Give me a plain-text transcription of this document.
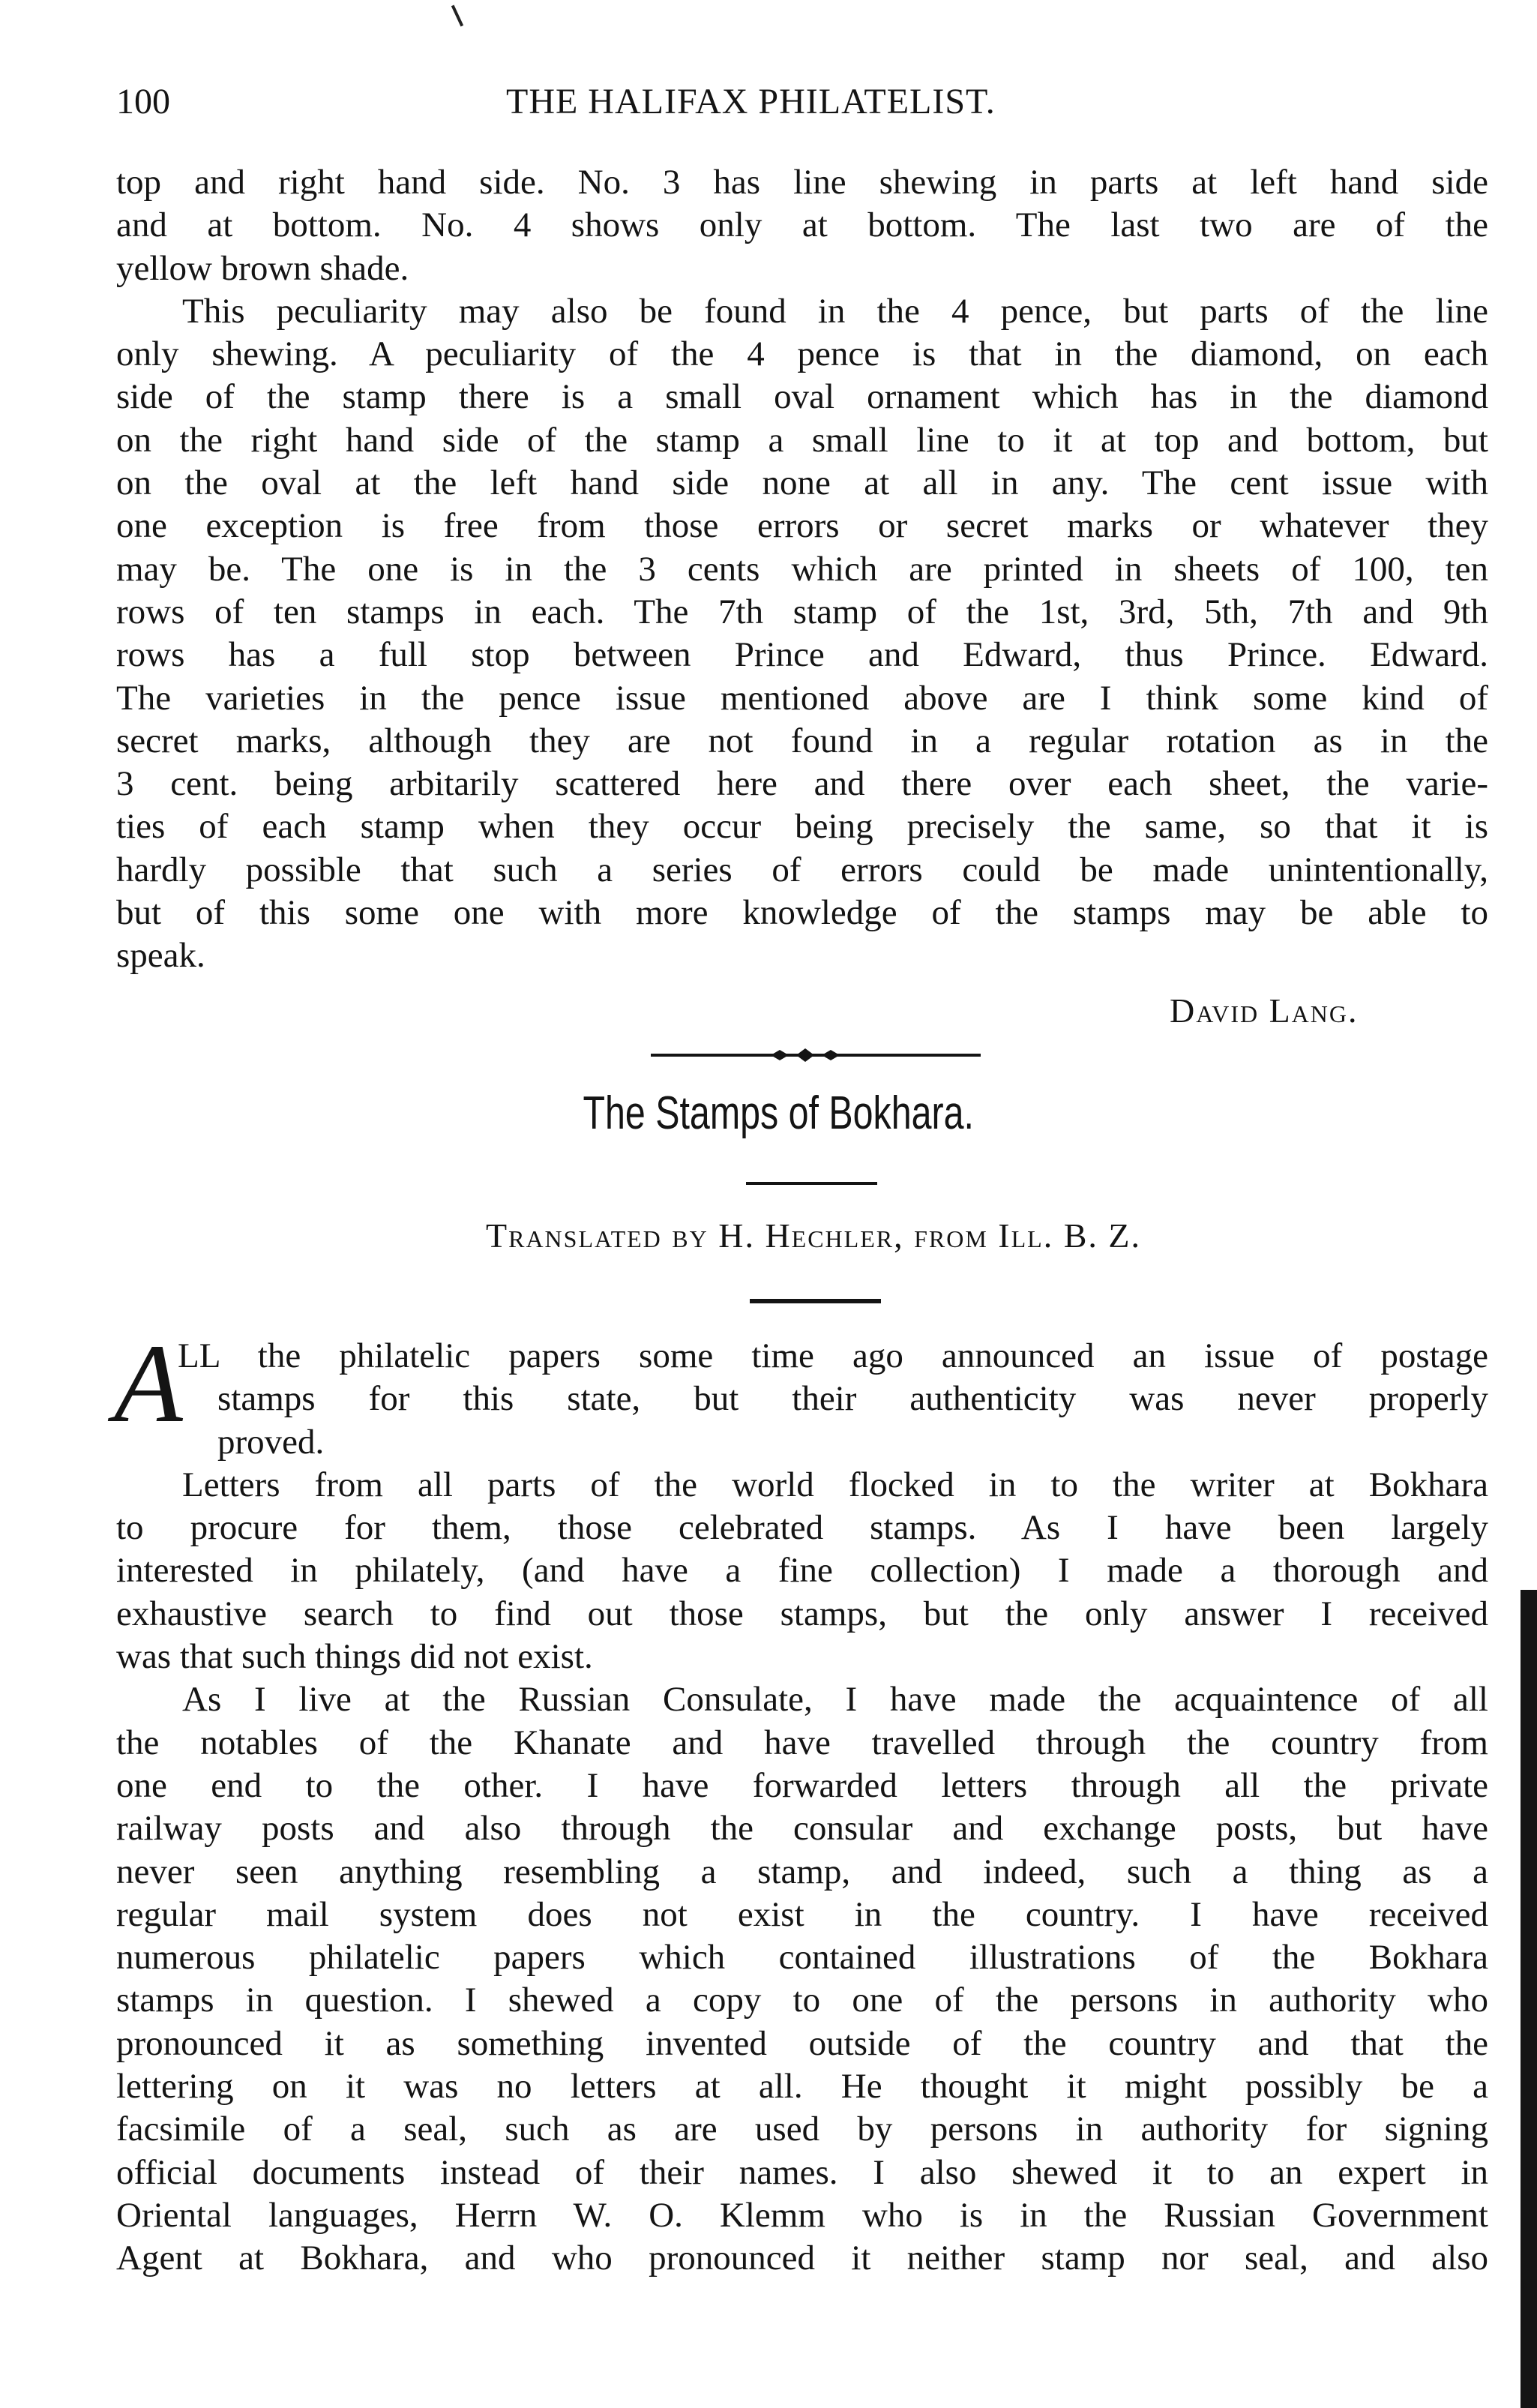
100	THE HALIFAX PHILATELIST.
top and right hand side. No. 3 has line shewing in parts at left hand side
and at bottom. No. 4 shows only at bottom. The last two are of the
yellow brown shade.
This peculiarity may also be found in the 4 pence, but parts of the line
only shewing. A peculiarity of the 4 pence is that in the diamond, on each
side of the stamp there is a small oval ornament which has in the diamond
on the right hand side of the stamp a small line to it at top and bottom, but
on the oval at the left hand side none at all in any. The cent issue with
one exception is free from those errors or secret marks or whatever they
may be. The one is in the 3 cents which are printed in sheets of 100, ten
rows of ten stamps in each. The 7th stamp of the 1st, 3rd, 5th, 7th and 9th
rows has a full stop between Prince and Edward, thus Prince. Edward.
The varieties in the pence issue mentioned above are I think some kind of
secret marks, although they are not found in a regular rotation as in the
3 cent. being arbitarily scattered here and there over each sheet, the varie-
ties of each stamp when they occur being precisely the same, so that it is
hardly possible that such a series of errors could be made unintentionally,
but of this some one with more knowledge of the stamps may be able to
speak.
David Lang.
The Stamps of Bokhara.
Translated by H. Hechler, from Ill. B. Z.
A
LL the philatelic papers some time ago announced an issue of postage
stamps for this state, but their authenticity was never properly
proved.
Letters from all parts of the world flocked in to the writer at Bokhara
to procure for them, those celebrated stamps. As I have been largely
interested in philately, (and have a fine collection) I made a thorough and
exhaustive search to find out those stamps, but the only answer I received
was that such things did not exist.
As I live at the Russian Consulate, I have made the acquaintence of all
the notables of the Khanate and have travelled through the country from
one end to the other. I have forwarded letters through all the private
railway posts and also through the consular and exchange posts, but have
never seen anything resembling a stamp, and indeed, such a thing as a
regular mail system does not exist in the country. I have received
numerous philatelic papers which contained illustrations of the Bokhara
stamps in question. I shewed a copy to one of the persons in authority who
pronounced it as something invented outside of the country and that the
lettering on it was no letters at all. He thought it might possibly be a
facsimile of a seal, such as are used by persons in authority for signing
official documents instead of their names. I also shewed it to an expert in
Oriental languages, Herrn W. O. Klemm who is in the Russian Government
Agent at Bokhara, and who pronounced it neither stamp nor seal, and also
